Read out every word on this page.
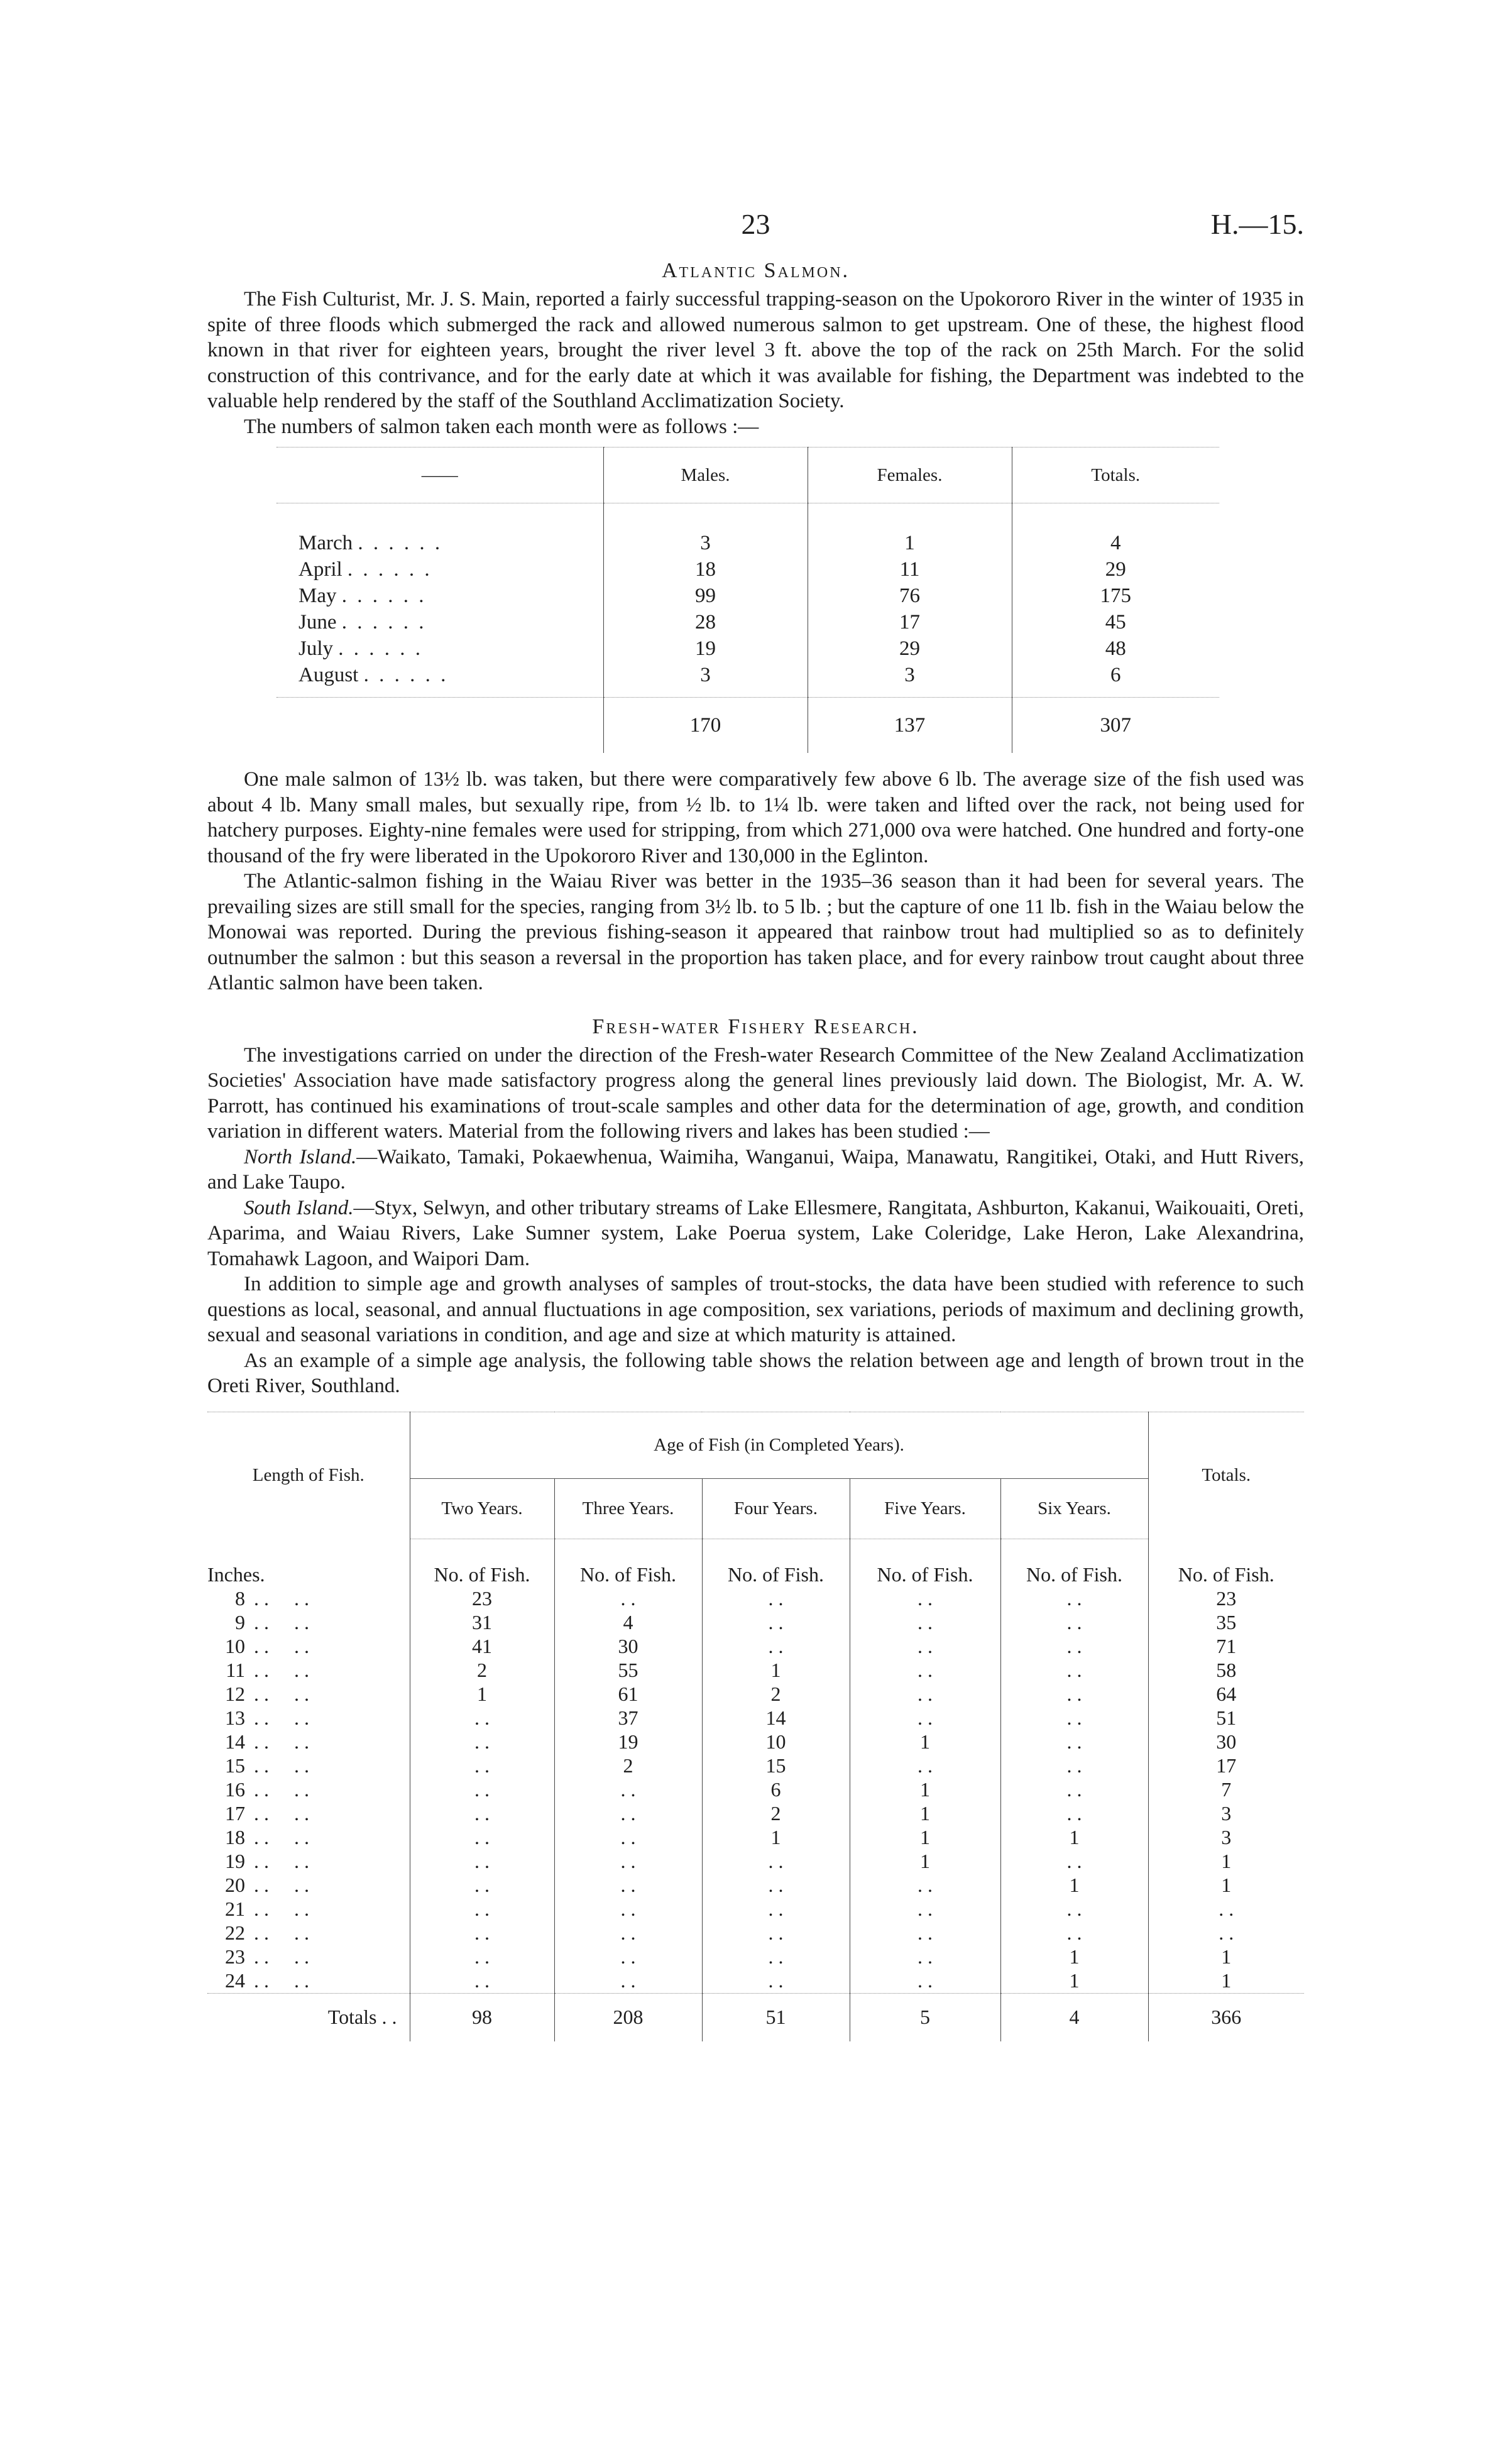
23	H.—15.
Atlantic Salmon.

The Fish Culturist, Mr. J. S. Main, reported a fairly successful trapping-season on the Upokororo River in the winter of 1935 in spite of three floods which submerged the rack and allowed numerous salmon to get upstream. One of these, the highest flood known in that river for eighteen years, brought the river level 3 ft. above the top of the rack on 25th March. For the solid construction of this contrivance, and for the early date at which it was available for fishing, the Department was indebted to the valuable help rendered by the staff of the Southland Acclimatization Society.

The numbers of salmon taken each month were as follows :—

——	Males.	Females.	Totals.
March . . . . . .	3	1	4
April . . . . . .	18	11	29
May . . . . . .	99	76	175
June . . . . . .	28	17	45
July . . . . . .	19	29	48
August . . . . . .	3	3	6
	170	137	307

One male salmon of 13½ lb. was taken, but there were comparatively few above 6 lb. The average size of the fish used was about 4 lb. Many small males, but sexually ripe, from ½ lb. to 1¼ lb. were taken and lifted over the rack, not being used for hatchery purposes. Eighty-nine females were used for stripping, from which 271,000 ova were hatched. One hundred and forty-one thousand of the fry were liberated in the Upokororo River and 130,000 in the Eglinton.

The Atlantic-salmon fishing in the Waiau River was better in the 1935–36 season than it had been for several years. The prevailing sizes are still small for the species, ranging from 3½ lb. to 5 lb. ; but the capture of one 11 lb. fish in the Waiau below the Monowai was reported. During the previous fishing-season it appeared that rainbow trout had multiplied so as to definitely outnumber the salmon : but this season a reversal in the proportion has taken place, and for every rainbow trout caught about three Atlantic salmon have been taken.

Fresh-water Fishery Research.

The investigations carried on under the direction of the Fresh-water Research Committee of the New Zealand Acclimatization Societies' Association have made satisfactory progress along the general lines previously laid down. The Biologist, Mr. A. W. Parrott, has continued his examinations of trout-scale samples and other data for the determination of age, growth, and condition variation in different waters. Material from the following rivers and lakes has been studied :—

North Island.—Waikato, Tamaki, Pokaewhenua, Waimiha, Wanganui, Waipa, Manawatu, Rangitikei, Otaki, and Hutt Rivers, and Lake Taupo.

South Island.—Styx, Selwyn, and other tributary streams of Lake Ellesmere, Rangitata, Ashburton, Kakanui, Waikouaiti, Oreti, Aparima, and Waiau Rivers, Lake Sumner system, Lake Poerua system, Lake Coleridge, Lake Heron, Lake Alexandrina, Tomahawk Lagoon, and Waipori Dam.

In addition to simple age and growth analyses of samples of trout-stocks, the data have been studied with reference to such questions as local, seasonal, and annual fluctuations in age composition, sex variations, periods of maximum and declining growth, sexual and seasonal variations in condition, and age and size at which maturity is attained.

As an example of a simple age analysis, the following table shows the relation between age and length of brown trout in the Oreti River, Southland.

Length of Fish.	Age of Fish (in Completed Years).					Totals.
	Two Years.	Three Years.	Four Years.	Five Years.	Six Years.	
Inches.	No. of Fish.	No. of Fish.	No. of Fish.	No. of Fish.	No. of Fish.	No. of Fish.
8 . .     . .	23	. .	. .	. .	. .	23
9 . .     . .	31	4	. .	. .	. .	35
10 . .     . .	41	30	. .	. .	. .	71
11 . .     . .	2	55	1	. .	. .	58
12 . .     . .	1	61	2	. .	. .	64
13 . .     . .	. .	37	14	. .	. .	51
14 . .     . .	. .	19	10	1	. .	30
15 . .     . .	. .	2	15	. .	. .	17
16 . .     . .	. .	. .	6	1	. .	7
17 . .     . .	. .	. .	2	1	. .	3
18 . .     . .	. .	. .	1	1	1	3
19 . .     . .	. .	. .	. .	1	. .	1
20 . .     . .	. .	. .	. .	. .	1	1
21 . .     . .	. .	. .	. .	. .	. .	. .
22 . .     . .	. .	. .	. .	. .	. .	. .
23 . .     . .	. .	. .	. .	. .	1	1
24 . .     . .	. .	. .	. .	. .	1	1
Totals . .	98	208	51	5	4	366
